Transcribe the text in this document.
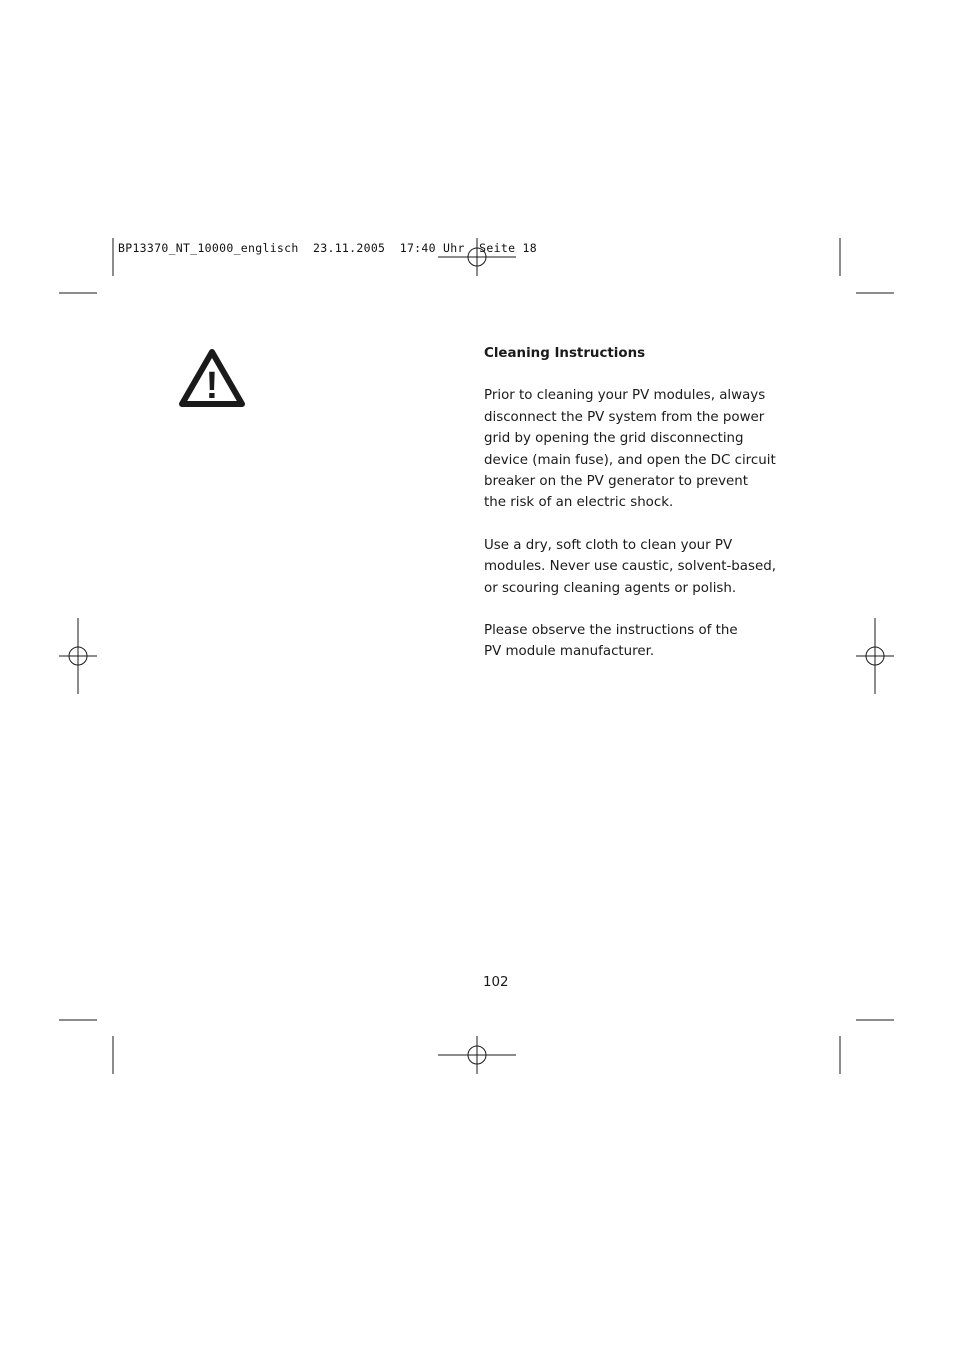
BP13370_NT_10000_englisch  23.11.2005  17:40 Uhr  Seite 18
!
Cleaning Instructions

Prior to cleaning your PV modules, always
disconnect the PV system from the power
grid by opening the grid disconnecting
device (main fuse), and open the DC circuit
breaker on the PV generator to prevent
the risk of an electric shock.

Use a dry, soft cloth to clean your PV
modules. Never use caustic, solvent-based,
or scouring cleaning agents or polish.

Please observe the instructions of the
PV module manufacturer.

102
